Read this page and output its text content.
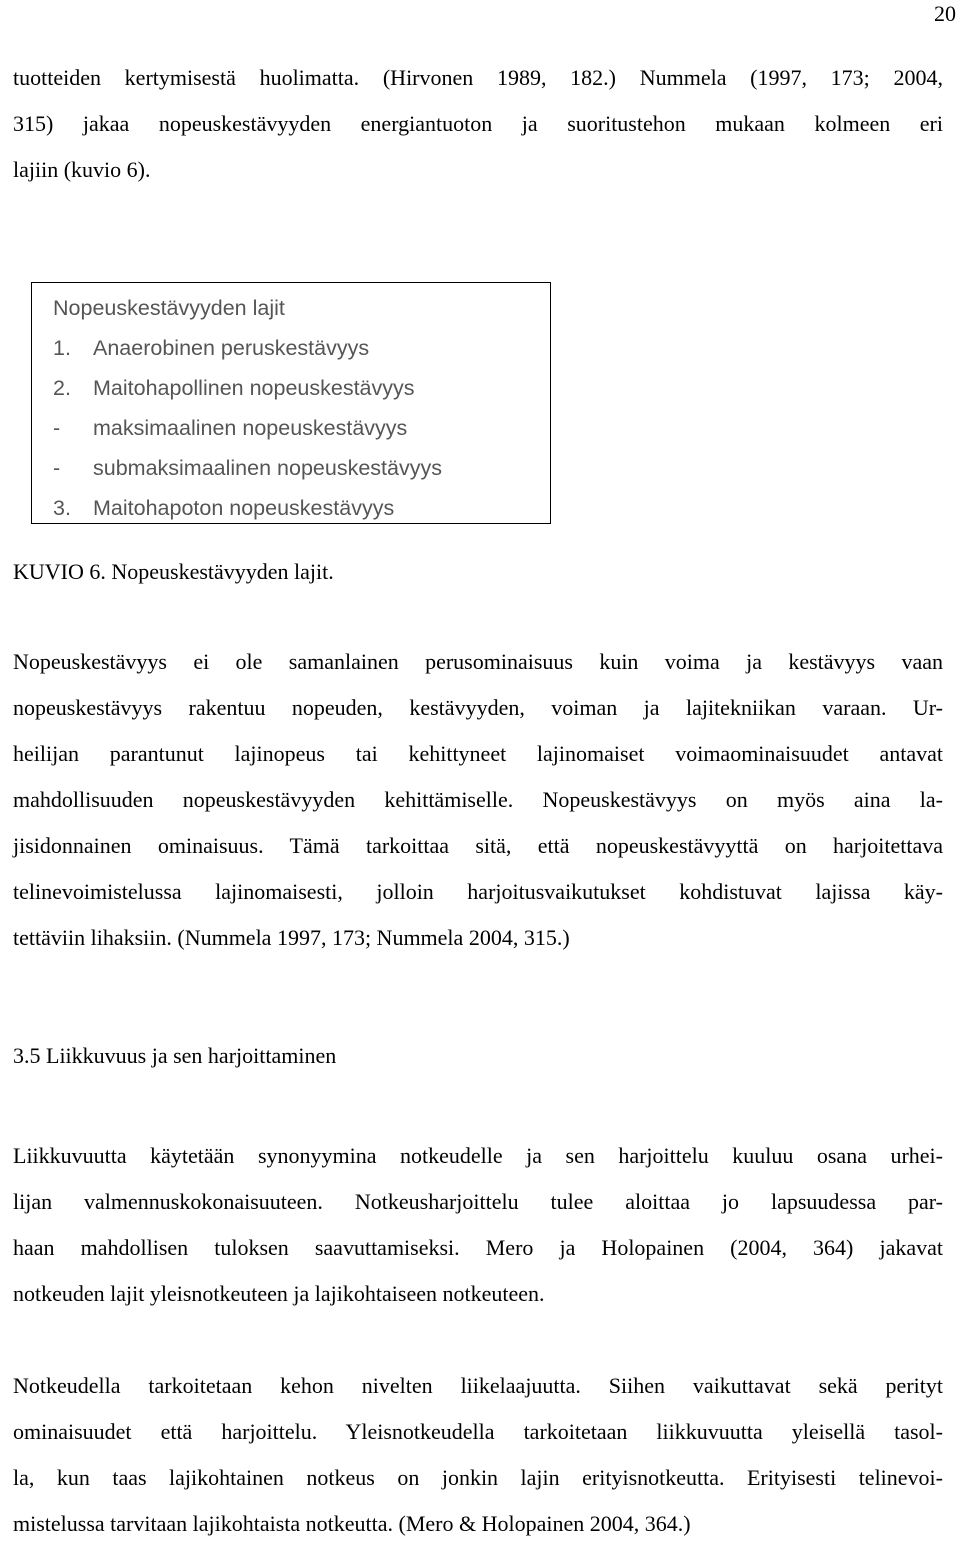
20
tuotteiden kertymisestä huolimatta. (Hirvonen 1989, 182.) Nummela (1997, 173; 2004,
315) jakaa nopeuskestävyyden energiantuoton ja suoritustehon mukaan kolmeen eri
lajiin (kuvio 6).
Nopeuskestävyyden lajit
1. Anaerobinen peruskestävyys
2. Maitohapollinen nopeuskestävyys
- maksimaalinen nopeuskestävyys
- submaksimaalinen nopeuskestävyys
3. Maitohapoton nopeuskestävyys
KUVIO 6. Nopeuskestävyyden lajit.
Nopeuskestävyys ei ole samanlainen perusominaisuus kuin voima ja kestävyys vaan
nopeuskestävyys rakentuu nopeuden, kestävyyden, voiman ja lajitekniikan varaan. Ur-
heilijan parantunut lajinopeus tai kehittyneet lajinomaiset voimaominaisuudet antavat
mahdollisuuden nopeuskestävyyden kehittämiselle. Nopeuskestävyys on myös aina la-
jisidonnainen ominaisuus. Tämä tarkoittaa sitä, että nopeuskestävyyttä on harjoitettava
telinevoimistelussa lajinomaisesti, jolloin harjoitusvaikutukset kohdistuvat lajissa käy-
tettäviin lihaksiin. (Nummela 1997, 173; Nummela 2004, 315.)
3.5 Liikkuvuus ja sen harjoittaminen
Liikkuvuutta käytetään synonyymina notkeudelle ja sen harjoittelu kuuluu osana urhei-
lijan valmennuskokonaisuuteen. Notkeusharjoittelu tulee aloittaa jo lapsuudessa par-
haan mahdollisen tuloksen saavuttamiseksi. Mero ja Holopainen (2004, 364) jakavat
notkeuden lajit yleisnotkeuteen ja lajikohtaiseen notkeuteen.
Notkeudella tarkoitetaan kehon nivelten liikelaajuutta. Siihen vaikuttavat sekä perityt
ominaisuudet että harjoittelu. Yleisnotkeudella tarkoitetaan liikkuvuutta yleisellä tasol-
la, kun taas lajikohtainen notkeus on jonkin lajin erityisnotkeutta. Erityisesti telinevoi-
mistelussa tarvitaan lajikohtaista notkeutta. (Mero & Holopainen 2004, 364.)
